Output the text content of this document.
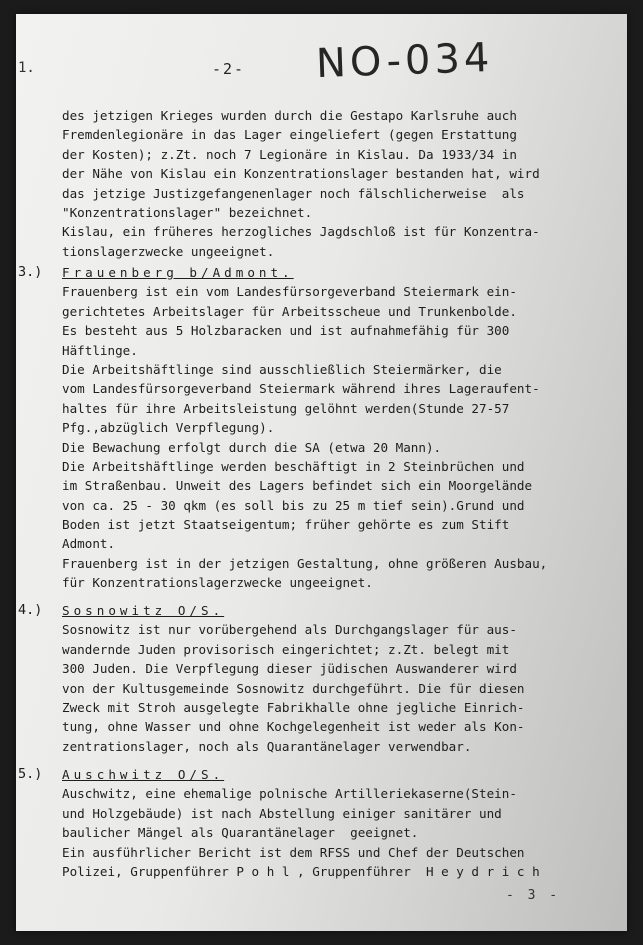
1.	-2- NO-034
des jetzigen Krieges wurden durch die Gestapo Karlsruhe auch
Fremdenlegionäre in das Lager eingeliefert (gegen Erstattung
der Kosten); z.Zt. noch 7 Legionäre in Kislau. Da 1933/34 in
der Nähe von Kislau ein Konzentrationslager bestanden hat, wird
das jetzige Justizgefangenenlager noch fälschlicherweise  als
"Konzentrationslager" bezeichnet.
Kislau, ein früheres herzogliches Jagdschloß ist für Konzentra-
tionslagerzwecke ungeeignet.
3.) Frauenberg b/Admont.
Frauenberg ist ein vom Landesfürsorgeverband Steiermark ein-
gerichtetes Arbeitslager für Arbeitsscheue und Trunkenbolde.
Es besteht aus 5 Holzbaracken und ist aufnahmefähig für 300
Häftlinge.
Die Arbeitshäftlinge sind ausschließlich Steiermärker, die
vom Landesfürsorgeverband Steiermark während ihres Lageraufent-
haltes für ihre Arbeitsleistung gelöhnt werden(Stunde 27-57
Pfg.,abzüglich Verpflegung).
Die Bewachung erfolgt durch die SA (etwa 20 Mann).
Die Arbeitshäftlinge werden beschäftigt in 2 Steinbrüchen und
im Straßenbau. Unweit des Lagers befindet sich ein Moorgelände
von ca. 25 - 30 qkm (es soll bis zu 25 m tief sein).Grund und
Boden ist jetzt Staatseigentum; früher gehörte es zum Stift
Admont.
Frauenberg ist in der jetzigen Gestaltung, ohne größeren Ausbau,
für Konzentrationslagerzwecke ungeeignet.
4.) Sosnowitz O/S.
Sosnowitz ist nur vorübergehend als Durchgangslager für aus-
wandernde Juden provisorisch eingerichtet; z.Zt. belegt mit
300 Juden. Die Verpflegung dieser jüdischen Auswanderer wird
von der Kultusgemeinde Sosnowitz durchgeführt. Die für diesen
Zweck mit Stroh ausgelegte Fabrikhalle ohne jegliche Einrich-
tung, ohne Wasser und ohne Kochgelegenheit ist weder als Kon-
zentrationslager, noch als Quarantänelager verwendbar.
5.) Auschwitz O/S.
Auschwitz, eine ehemalige polnische Artilleriekaserne(Stein-
und Holzgebäude) ist nach Abstellung einiger sanitärer und
baulicher Mängel als Quarantänelager  geeignet.
Ein ausführlicher Bericht ist dem RFSS und Chef der Deutschen
Polizei, Gruppenführer P o h l , Gruppenführer  H e y d r i c h
- 3 -
